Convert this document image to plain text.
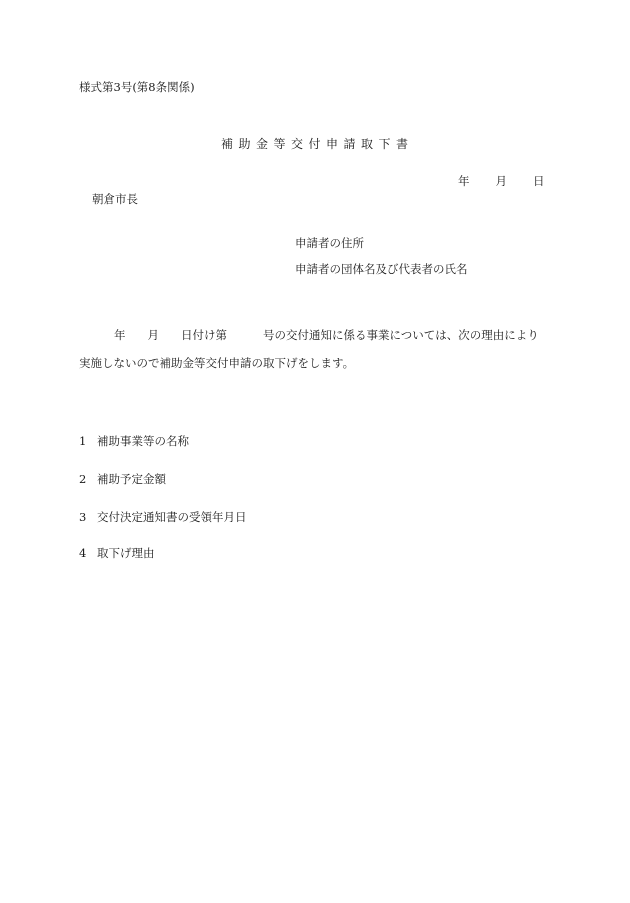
様式第3号(第8条関係)
補助金等交付申請取下書
年 月 日
朝倉市長
申請者の住所
申請者の団体名及び代表者の氏名
年 月 日付け第	号の交付通知に係る事業については、次の理由により
実施しないので補助金等交付申請の取下げをします。
1 補助事業等の名称
2 補助予定金額
3 交付決定通知書の受領年月日
4 取下げ理由
